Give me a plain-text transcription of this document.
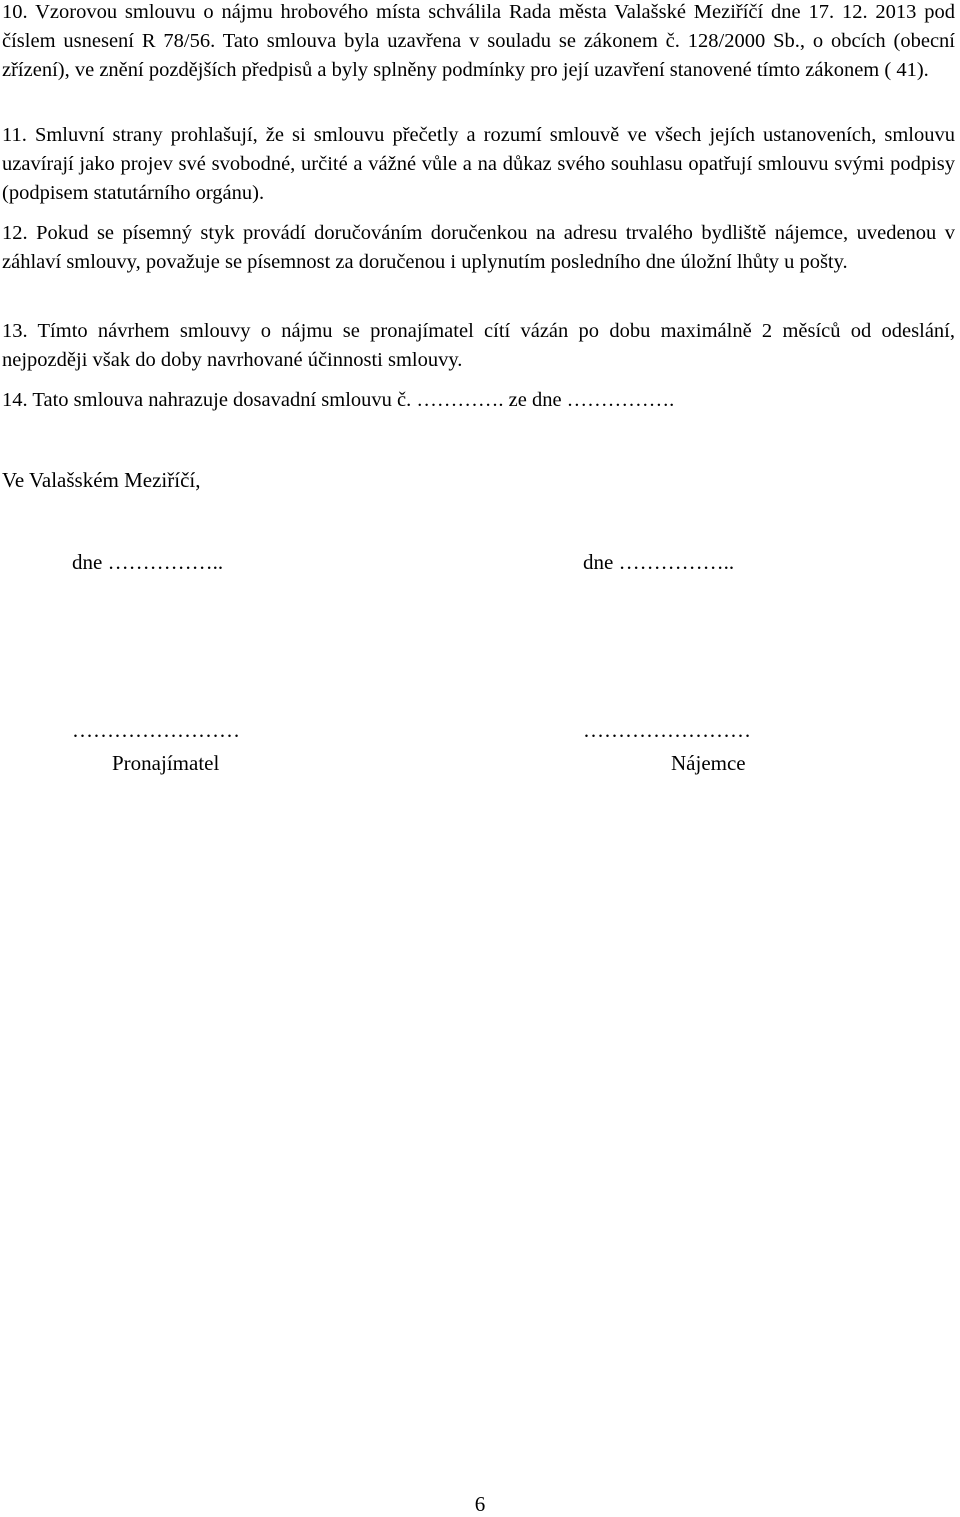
10. Vzorovou smlouvu o nájmu hrobového místa schválila Rada města Valašské Meziříčí dne 17. 12. 2013 pod číslem usnesení R 78/56. Tato smlouva byla uzavřena v souladu se zákonem č. 128/2000 Sb., o obcích (obecní zřízení), ve znění pozdějších předpisů a byly splněny podmínky pro její uzavření stanovené tímto zákonem ( 41).

11. Smluvní strany prohlašují, že si smlouvu přečetly a rozumí smlouvě ve všech jejích ustanoveních, smlouvu uzavírají jako projev své svobodné, určité a vážné vůle a na důkaz svého souhlasu opatřují smlouvu svými podpisy (podpisem statutárního orgánu).

12. Pokud se písemný styk provádí doručováním doručenkou na adresu trvalého bydliště nájemce, uvedenou v záhlaví smlouvy, považuje se písemnost za doručenou i uplynutím posledního dne úložní lhůty u pošty.

13. Tímto návrhem smlouvy o nájmu se pronajímatel cítí vázán po dobu maximálně 2 měsíců od odeslání, nejpozději však do doby navrhované účinnosti smlouvy.

14. Tato smlouva nahrazuje dosavadní smlouvu č. …………. ze dne …………….

Ve Valašském Meziříčí,
dne ……………..	dne ……………..
……………………	……………………
Pronajímatel	Nájemce
6
